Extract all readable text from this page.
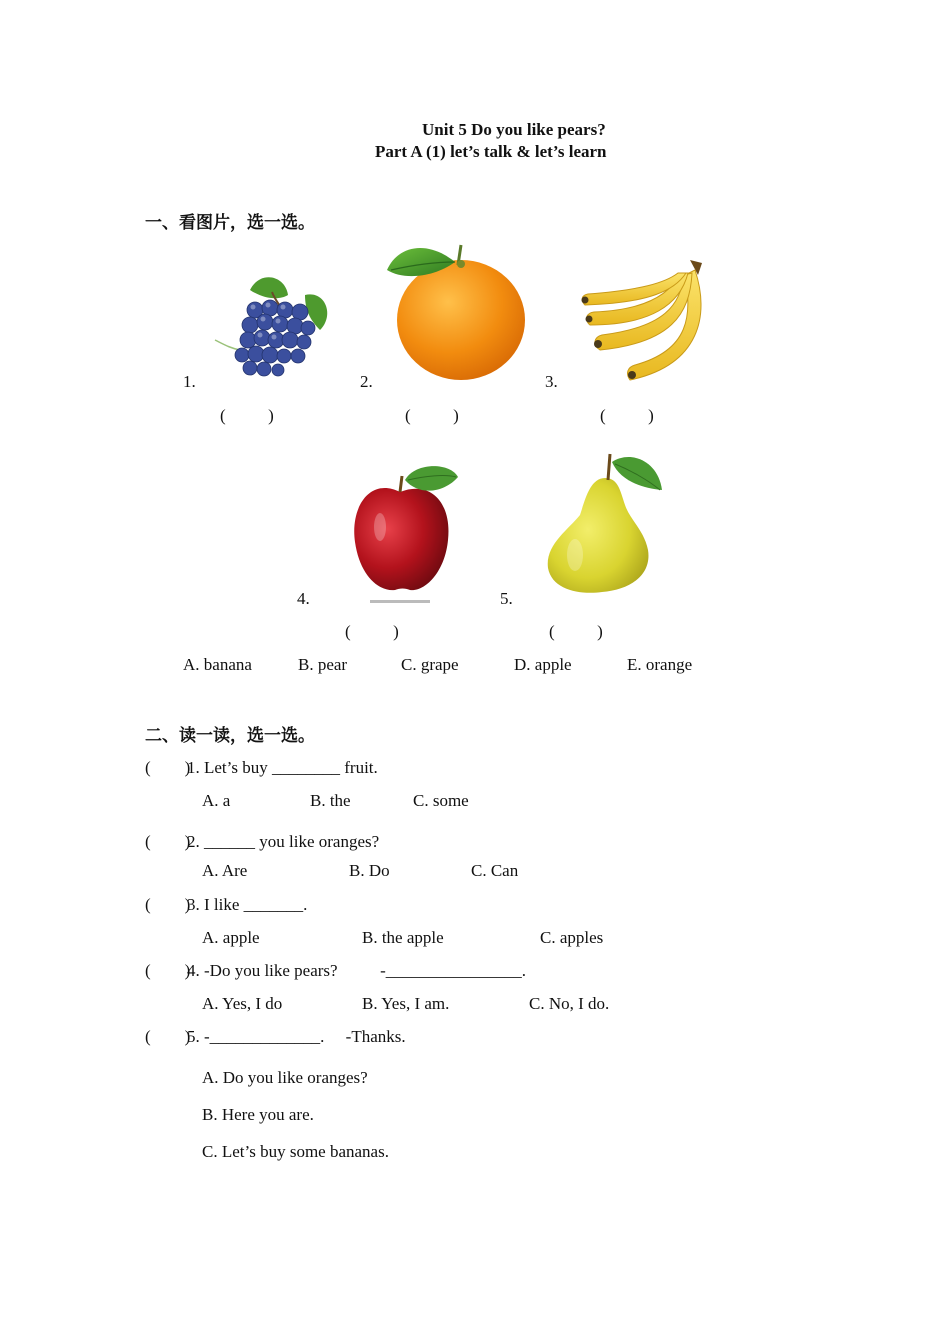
Unit 5 Do you like pears?
Part A (1) let’s talk & let’s learn
一、看图片，选一选。
1.	2.	3.
(          )	(          )	(          )
4.	5.
(          )	(          )
A. banana	B. pear	C. grape	D. apple	E. orange
二、读一读，选一选。
(        )
1. Let’s buy ________ fruit.
A. a	B. the	C. some
(        )
2. ______ you like oranges?
A. Are	B. Do	C. Can
(        )
3. I like _______.
A. apple	B. the apple	C. apples
(        )
4. -Do you like pears?          -________________.
A. Yes, I do	B. Yes, I am.	C. No, I do.
(        )
5. -_____________.     -Thanks.
A. Do you like oranges?
B. Here you are.
C. Let’s buy some bananas.
